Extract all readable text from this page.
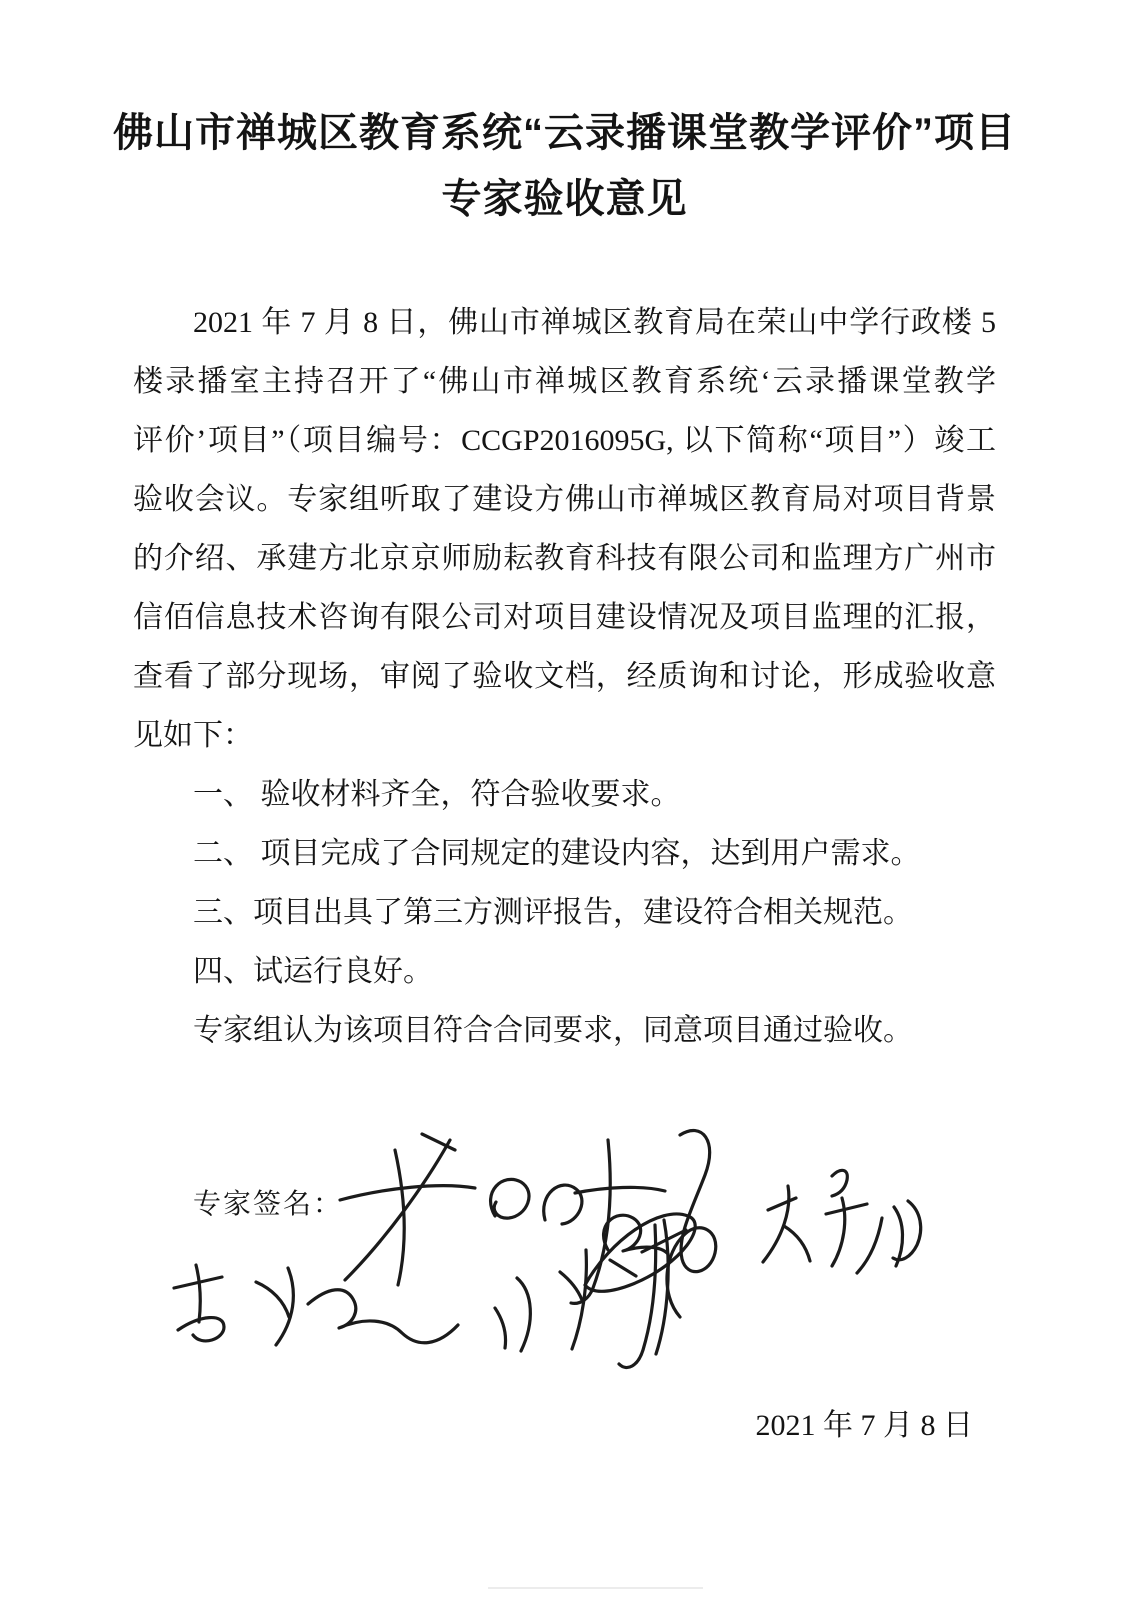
佛山市禅城区教育系统“云录播课堂教学评价”项目
专家验收意见
2021 年 7 月 8 日，佛山市禅城区教育局在荣山中学行政楼 5
楼录播室主持召开了“佛山市禅城区教育系统‘云录播课堂教学
评价’项目”（项目编号：CCGP2016095G, 以下简称“项目”）竣工
验收会议。专家组听取了建设方佛山市禅城区教育局对项目背景
的介绍、承建方北京京师励耘教育科技有限公司和监理方广州市
信佰信息技术咨询有限公司对项目建设情况及项目监理的汇报，
查看了部分现场，审阅了验收文档，经质询和讨论，形成验收意
见如下：
一、 验收材料齐全，符合验收要求。
二、 项目完成了合同规定的建设内容，达到用户需求。
三、项目出具了第三方测评报告，建设符合相关规范。
四、试运行良好。
专家组认为该项目符合合同要求，同意项目通过验收。
专家签名：
2021 年 7 月 8 日
